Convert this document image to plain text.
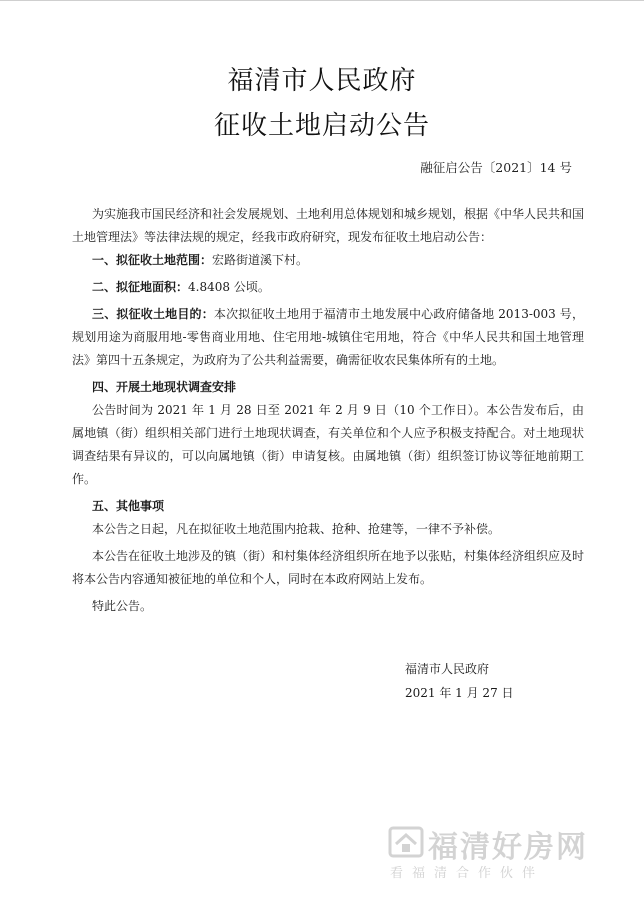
福清市人民政府
征收土地启动公告
融征启公告〔2021〕14 号

为实施我市国民经济和社会发展规划、土地利用总体规划和城乡规划，根据《中华人民共和国土地管理法》等法律法规的规定，经我市政府研究，现发布征收土地启动公告：

一、拟征收土地范围：宏路街道溪下村。

二、拟征地面积：4.8408 公顷。

三、拟征收土地目的：本次拟征收土地用于福清市土地发展中心政府储备地 2013-003 号，规划用途为商服用地-零售商业用地、住宅用地-城镇住宅用地，符合《中华人民共和国土地管理法》第四十五条规定，为政府为了公共利益需要，确需征收农民集体所有的土地。

四、开展土地现状调查安排

公告时间为 2021 年 1 月 28 日至 2021 年 2 月 9 日（10 个工作日）。本公告发布后，由属地镇（街）组织相关部门进行土地现状调查，有关单位和个人应予积极支持配合。对土地现状调查结果有异议的，可以向属地镇（街）申请复核。由属地镇（街）组织签订协议等征地前期工作。

五、其他事项

本公告之日起，凡在拟征收土地范围内抢栽、抢种、抢建等，一律不予补偿。

本公告在征收土地涉及的镇（街）和村集体经济组织所在地予以张贴，村集体经济组织应及时将本公告内容通知被征地的单位和个人，同时在本政府网站上发布。

特此公告。

福清市人民政府
2021 年 1 月 27 日
福清好房网
看福清合作伙伴
